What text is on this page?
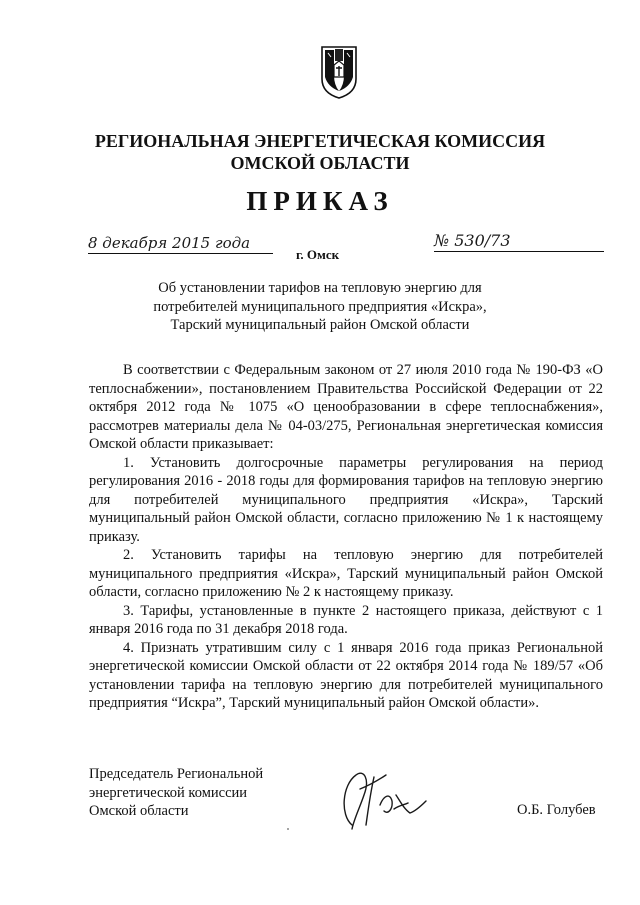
РЕГИОНАЛЬНАЯ ЭНЕРГЕТИЧЕСКАЯ КОМИССИЯ
ОМСКОЙ ОБЛАСТИ
ПРИКАЗ
8 декабря 2015 года
г. Омск
№ 530/73
Об установлении тарифов на тепловую энергию для
потребителей муниципального предприятия «Искра»,
Тарский муниципальный район Омской области

В соответствии с Федеральным законом от 27 июля 2010 года № 190-ФЗ «О теплоснабжении», постановлением Правительства Российской Федерации от 22 октября 2012 года № 1075 «О ценообразовании в сфере теплоснабжения», рассмотрев материалы дела № 04-03/275, Региональная энергетическая комиссия Омской области приказывает:

1. Установить долгосрочные параметры регулирования на период регулирования 2016 - 2018 годы для формирования тарифов на тепловую энергию для потребителей муниципального предприятия «Искра», Тарский муниципальный район Омской области, согласно приложению № 1 к настоящему приказу.

2. Установить тарифы на тепловую энергию для потребителей муниципального предприятия «Искра», Тарский муниципальный район Омской области, согласно приложению № 2 к настоящему приказу.

3. Тарифы, установленные в пункте 2 настоящего приказа, действуют с 1 января 2016 года по 31 декабря 2018 года.

4. Признать утратившим силу с 1 января 2016 года приказ Региональной энергетической комиссии Омской области от 22 октября 2014 года № 189/57 «Об установлении тарифа на тепловую энергию для потребителей муниципального предприятия “Искра”, Тарский муниципальный район Омской области».

Председатель Региональной
энергетической комиссии
Омской области	О.Б. Голубев
